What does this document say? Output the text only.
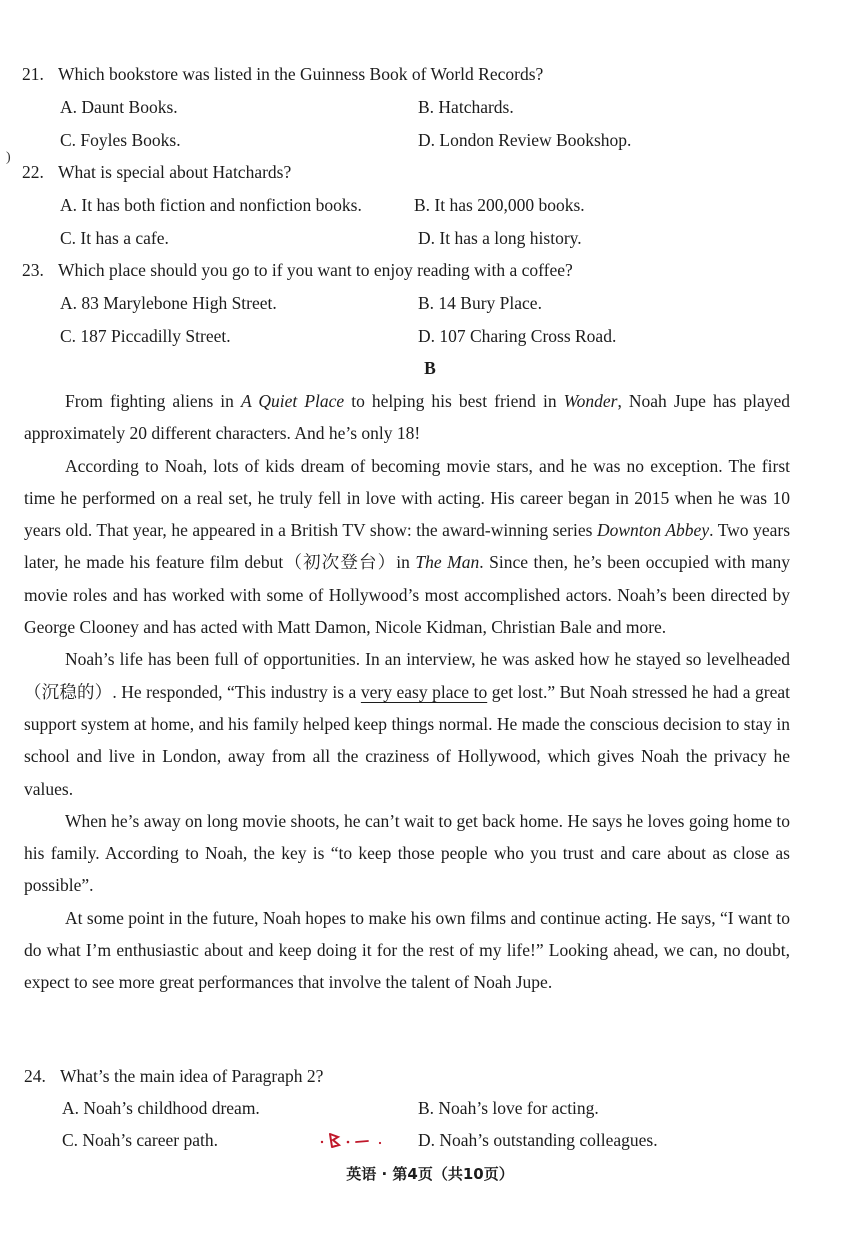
)
21. Which bookstore was listed in the Guinness Book of World Records?
A. Daunt Books.	B. Hatchards.
C. Foyles Books.	D. London Review Bookshop.
22. What is special about Hatchards?
A. It has both fiction and nonfiction books.	B. It has 200,000 books.
C. It has a cafe.	D. It has a long history.
23. Which place should you go to if you want to enjoy reading with a coffee?
A. 83 Marylebone High Street.	B. 14 Bury Place.
C. 187 Piccadilly Street.	D. 107 Charing Cross Road.
B

From fighting aliens in A Quiet Place to helping his best friend in Wonder, Noah Jupe has played approximately 20 different characters. And he’s only 18!

According to Noah, lots of kids dream of becoming movie stars, and he was no exception. The first time he performed on a real set, he truly fell in love with acting. His career began in 2015 when he was 10 years old. That year, he appeared in a British TV show: the award-winning series Downton Abbey. Two years later, he made his feature film debut（初次登台）in The Man. Since then, he’s been occupied with many movie roles and has worked with some of Hollywood’s most accomplished actors. Noah’s been directed by George Clooney and has acted with Matt Damon, Nicole Kidman, Christian Bale and more.

Noah’s life has been full of opportunities. In an interview, he was asked how he stayed so levelheaded（沉稳的）. He responded, “This industry is a very easy place to get lost.” But Noah stressed he had a great support system at home, and his family helped keep things normal. He made the conscious decision to stay in school and live in London, away from all the craziness of Hollywood, which gives Noah the privacy he values.

When he’s away on long movie shoots, he can’t wait to get back home. He says he loves going home to his family. According to Noah, the key is “to keep those people who you trust and care about as close as possible”.

At some point in the future, Noah hopes to make his own films and continue acting. He says, “I want to do what I’m enthusiastic about and keep doing it for the rest of my life!” Looking ahead, we can, no doubt, expect to see more great performances that involve the talent of Noah Jupe.

24. What’s the main idea of Paragraph 2?
A. Noah’s childhood dream.	B. Noah’s love for acting.
C. Noah’s career path.	D. Noah’s outstanding colleagues.
英语 · 第4页（共10页）
